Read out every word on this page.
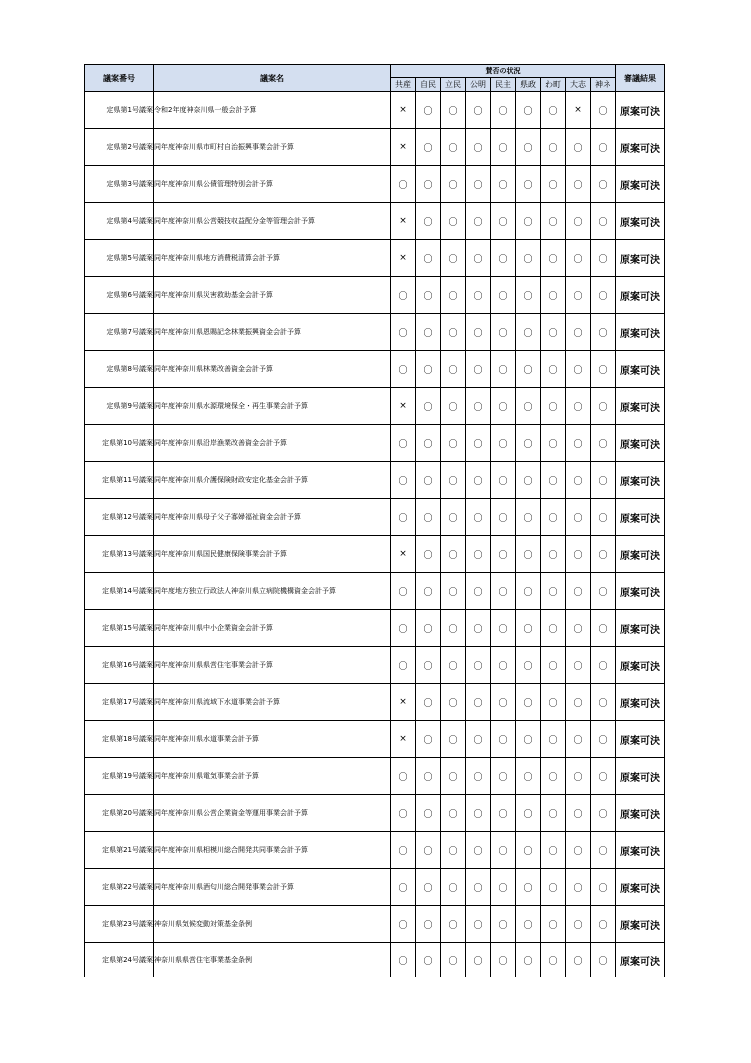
議案番号	議案名	賛否の状況									審議結果
		共産	自民	立民	公明	民主	県政	わ町	大志	神ネ	
定県第1号議案	令和2年度神奈川県一般会計予算	×	〇	〇	〇	〇	〇	〇	×	〇	原案可決
定県第2号議案	同年度神奈川県市町村自治振興事業会計予算	×	〇	〇	〇	〇	〇	〇	〇	〇	原案可決
定県第3号議案	同年度神奈川県公債管理特別会計予算	〇	〇	〇	〇	〇	〇	〇	〇	〇	原案可決
定県第4号議案	同年度神奈川県公営競技収益配分金等管理会計予算	×	〇	〇	〇	〇	〇	〇	〇	〇	原案可決
定県第5号議案	同年度神奈川県地方消費税清算会計予算	×	〇	〇	〇	〇	〇	〇	〇	〇	原案可決
定県第6号議案	同年度神奈川県災害救助基金会計予算	〇	〇	〇	〇	〇	〇	〇	〇	〇	原案可決
定県第7号議案	同年度神奈川県恩賜記念林業振興資金会計予算	〇	〇	〇	〇	〇	〇	〇	〇	〇	原案可決
定県第8号議案	同年度神奈川県林業改善資金会計予算	〇	〇	〇	〇	〇	〇	〇	〇	〇	原案可決
定県第9号議案	同年度神奈川県水源環境保全・再生事業会計予算	×	〇	〇	〇	〇	〇	〇	〇	〇	原案可決
定県第10号議案	同年度神奈川県沿岸漁業改善資金会計予算	〇	〇	〇	〇	〇	〇	〇	〇	〇	原案可決
定県第11号議案	同年度神奈川県介護保険財政安定化基金会計予算	〇	〇	〇	〇	〇	〇	〇	〇	〇	原案可決
定県第12号議案	同年度神奈川県母子父子寡婦福祉資金会計予算	〇	〇	〇	〇	〇	〇	〇	〇	〇	原案可決
定県第13号議案	同年度神奈川県国民健康保険事業会計予算	×	〇	〇	〇	〇	〇	〇	〇	〇	原案可決
定県第14号議案	同年度地方独立行政法人神奈川県立病院機構資金会計予算	〇	〇	〇	〇	〇	〇	〇	〇	〇	原案可決
定県第15号議案	同年度神奈川県中小企業資金会計予算	〇	〇	〇	〇	〇	〇	〇	〇	〇	原案可決
定県第16号議案	同年度神奈川県県営住宅事業会計予算	〇	〇	〇	〇	〇	〇	〇	〇	〇	原案可決
定県第17号議案	同年度神奈川県流域下水道事業会計予算	×	〇	〇	〇	〇	〇	〇	〇	〇	原案可決
定県第18号議案	同年度神奈川県水道事業会計予算	×	〇	〇	〇	〇	〇	〇	〇	〇	原案可決
定県第19号議案	同年度神奈川県電気事業会計予算	〇	〇	〇	〇	〇	〇	〇	〇	〇	原案可決
定県第20号議案	同年度神奈川県公営企業資金等運用事業会計予算	〇	〇	〇	〇	〇	〇	〇	〇	〇	原案可決
定県第21号議案	同年度神奈川県相模川総合開発共同事業会計予算	〇	〇	〇	〇	〇	〇	〇	〇	〇	原案可決
定県第22号議案	同年度神奈川県酒匂川総合開発事業会計予算	〇	〇	〇	〇	〇	〇	〇	〇	〇	原案可決
定県第23号議案	神奈川県気候変動対策基金条例	〇	〇	〇	〇	〇	〇	〇	〇	〇	原案可決
定県第24号議案	神奈川県県営住宅事業基金条例	〇	〇	〇	〇	〇	〇	〇	〇	〇	原案可決
